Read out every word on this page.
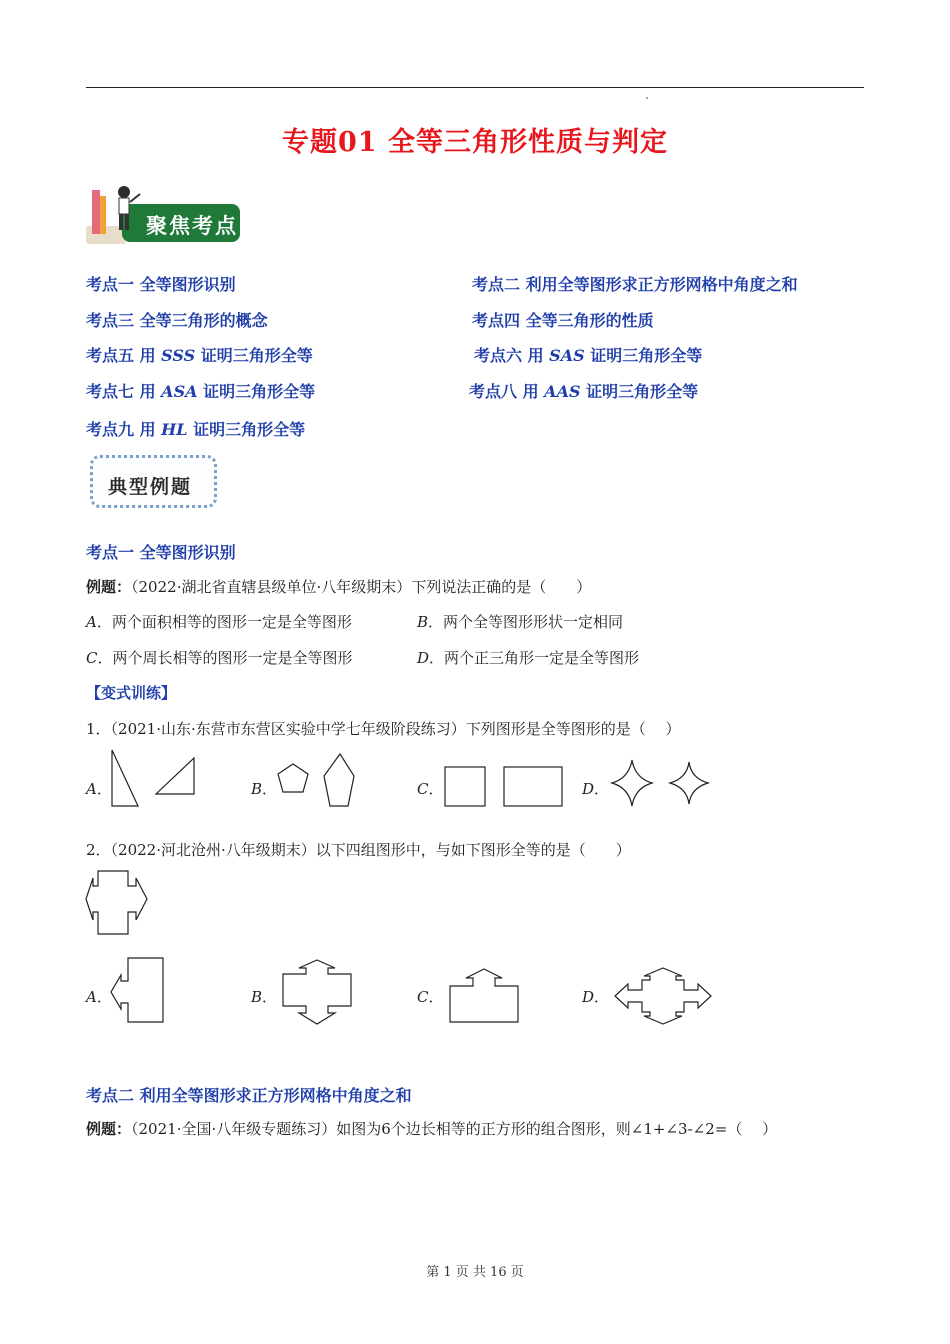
专题01 全等三角形性质与判定
聚焦考点
考点一 全等图形识别	考点二 利用全等图形求正方形网格中角度之和
考点三 全等三角形的概念	考点四 全等三角形的性质
考点五 用 SSS 证明三角形全等	考点六 用 SAS 证明三角形全等
考点七 用 ASA 证明三角形全等	考点八 用 AAS 证明三角形全等
考点九 用 HL 证明三角形全等
典型例题
考点一 全等图形识别
例题：（2022·湖北省直辖县级单位·八年级期末）下列说法正确的是（　　）
A．两个面积相等的图形一定是全等图形	B．两个全等图形形状一定相同
C．两个周长相等的图形一定是全等图形	D．两个正三角形一定是全等图形
【变式训练】
1．（2021·山东·东营市东营区实验中学七年级阶段练习）下列图形是全等图形的是（　 ）
A．	B．	C．	D．
2．（2022·河北沧州·八年级期末）以下四组图形中，与如下图形全等的是（　　）
A．	B．	C．	D．
考点二 利用全等图形求正方形网格中角度之和
例题：（2021·全国·八年级专题练习）如图为6个边长相等的正方形的组合图形，则∠1+∠3-∠2=（　 ）
第 1 页 共 16 页
